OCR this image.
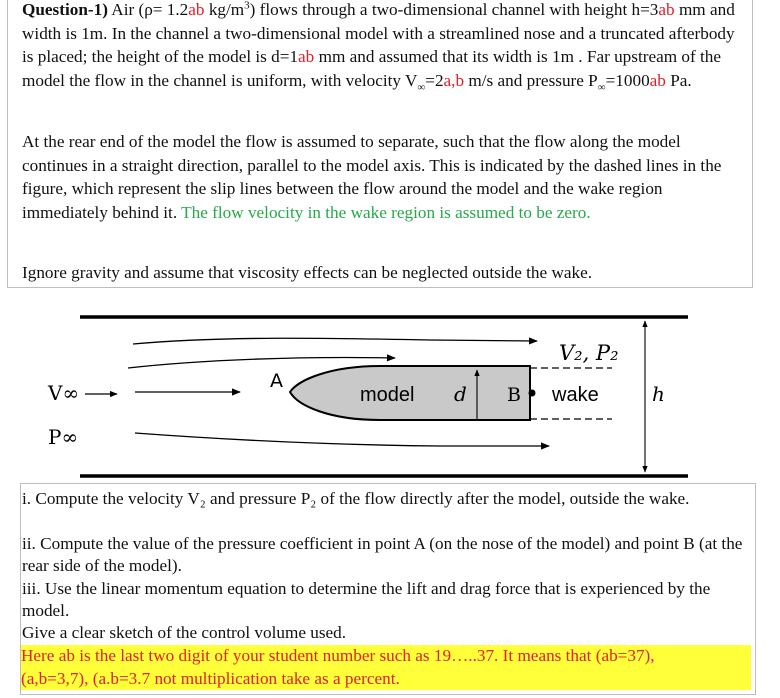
Question-1) Air (ρ= 1.2ab $kg/m^3$) flows through a two-dimensional channel with height h=3ab mm and width is 1m. In the channel a two-dimensional model with a streamlined nose and a truncated afterbody is placed; the height of the model is d=1ab mm and assumed that its width is 1m . Far upstream of the model the flow in the channel is uniform, with velocity $V_\infty=2a,b$ m/s and pressure $P_\infty=1000ab$ Pa.

At the rear end of the model the flow is assumed to separate, such that the flow along the model continues in a straight direction, parallel to the model axis. This is indicated by the dashed lines in the figure, which represent the slip lines between the flow around the model and the wake region immediately behind it. The flow velocity in the wake region is assumed to be zero.

Ignore gravity and assume that viscosity effects can be neglected outside the wake.

V∞
P∞
A
model d B wake	h
V₂, P₂

i. Compute the velocity V₂ and pressure P₂ of the flow directly after the model, outside the wake.

ii. Compute the value of the pressure coefficient in point A (on the nose of the model) and point B (at the rear side of the model).

iii. Use the linear momentum equation to determine the lift and drag force that is experienced by the model.

Give a clear sketch of the control volume used.

Here ab is the last two digit of your student number such as 19…..37. It means that (ab=37),
(a,b=3,7), (a.b=3.7 not multiplication take as a percent.
